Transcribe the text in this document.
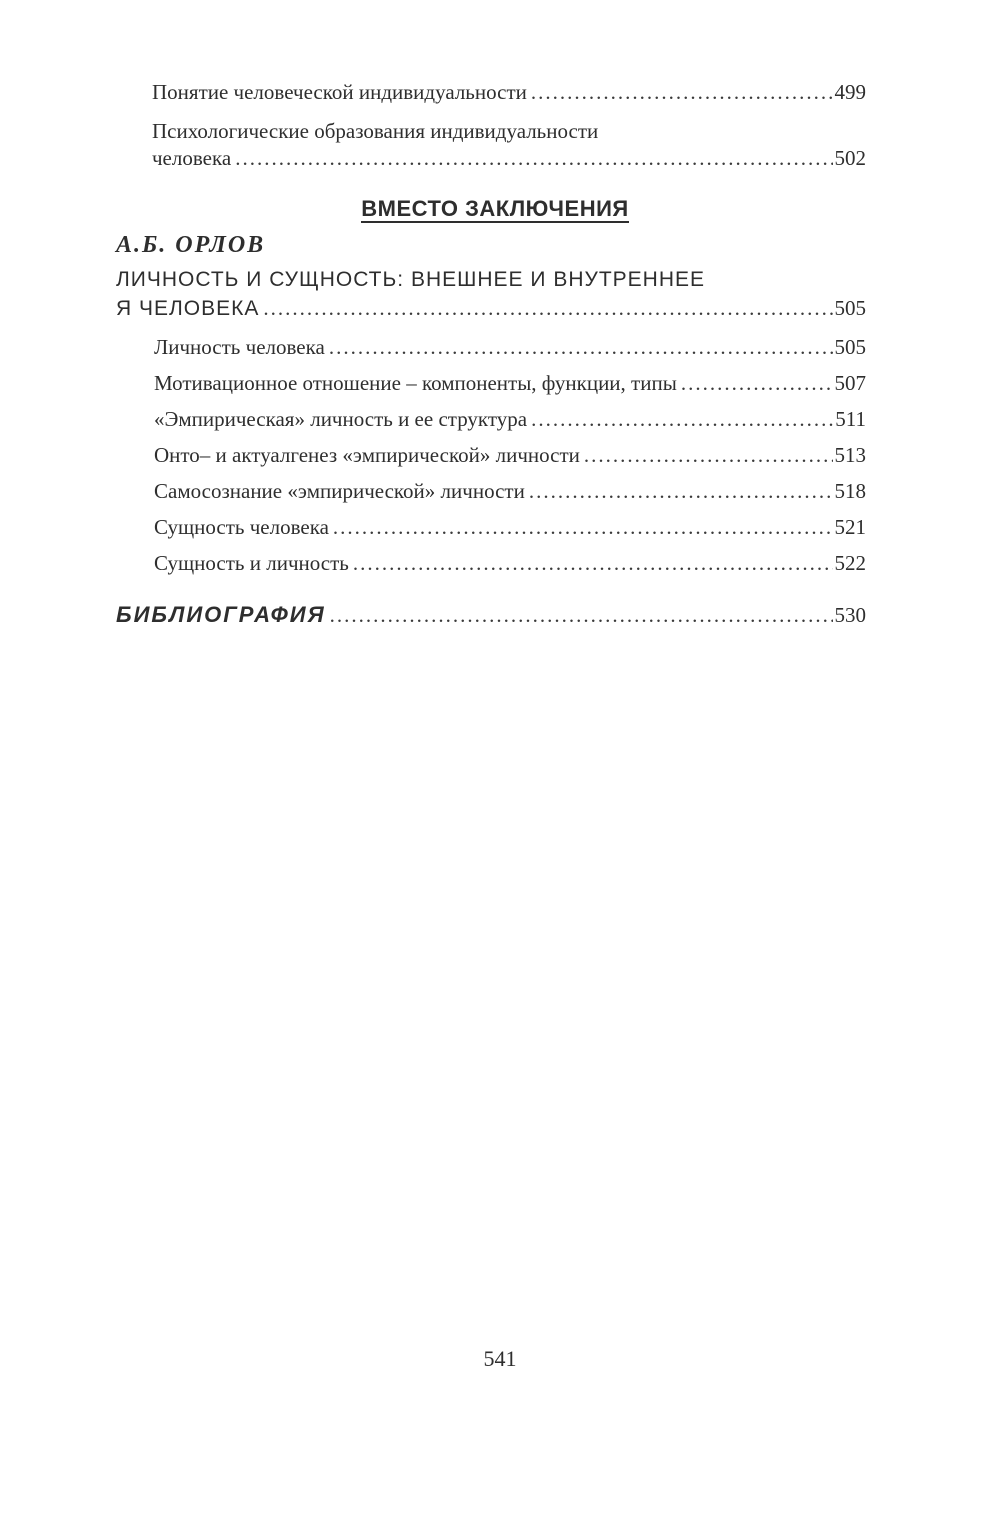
Понятие человеческой индивидуальности .....	499
Психологические образования индивидуальности
человека .....	502
ВМЕСТО ЗАКЛЮЧЕНИЯ
А.Б. ОРЛОВ
ЛИЧНОСТЬ И СУЩНОСТЬ: ВНЕШНЕЕ И ВНУТРЕННЕЕ
Я ЧЕЛОВЕКА .....	505
Личность человека .....	505
Мотивационное отношение – компоненты, функции, типы .....	507
«Эмпирическая» личность и ее структура .....	511
Онто– и актуалгенез «эмпирической» личности .....	513
Самосознание «эмпирической» личности .....	518
Сущность человека .....	521
Сущность и личность .....	522
БИБЛИОГРАФИЯ .....	530
541
